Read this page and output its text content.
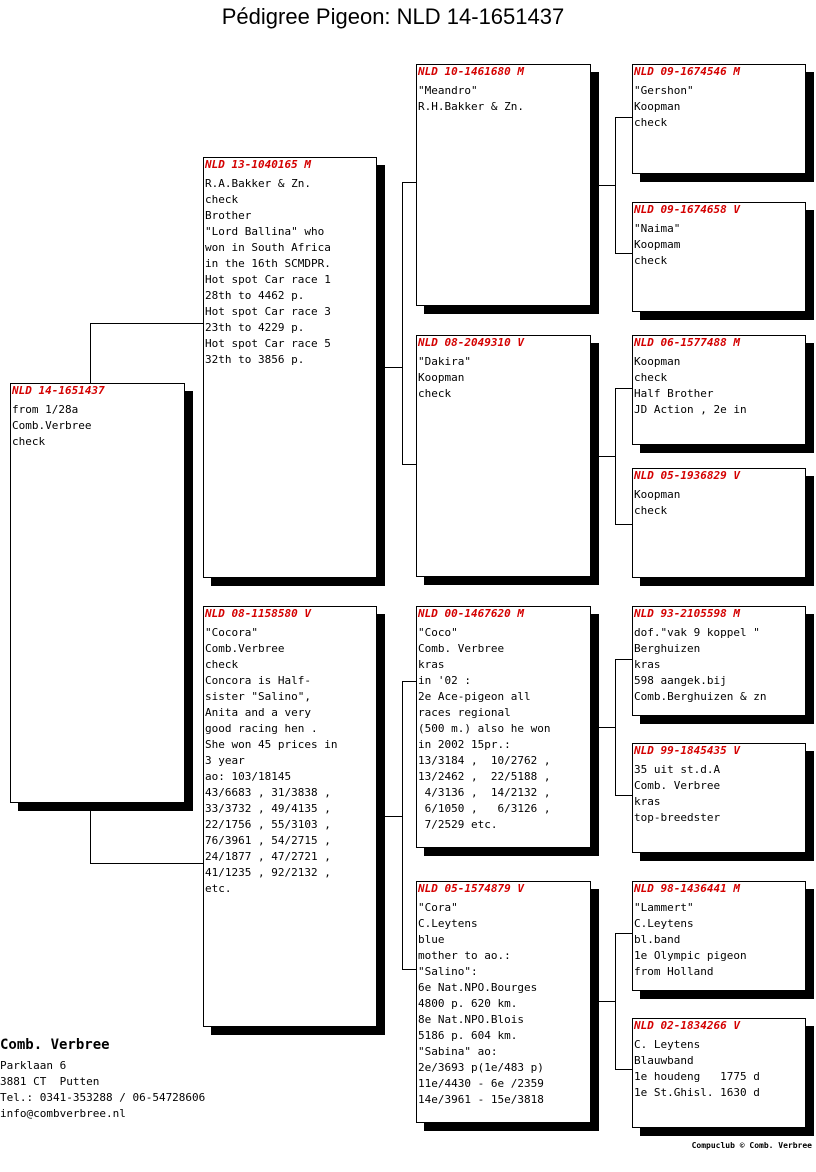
Pédigree Pigeon: NLD 14-1651437
NLD 14-1651437
from 1/28a
Comb.Verbree
check
NLD 13-1040165 M
R.A.Bakker & Zn.
check
Brother
"Lord Ballina" who
won in South Africa
in the 16th SCMDPR.
Hot spot Car race 1
28th to 4462 p.
Hot spot Car race 3
23th to 4229 p.
Hot spot Car race 5
32th to 3856 p.
NLD 08-1158580 V
"Cocora"
Comb.Verbree
check
Concora is Half-
sister "Salino",
Anita and a very
good racing hen .
She won 45 prices in
3 year
ao: 103/18145
43/6683 , 31/3838 ,
33/3732 , 49/4135 ,
22/1756 , 55/3103 ,
76/3961 , 54/2715 ,
24/1877 , 47/2721 ,
41/1235 , 92/2132 ,
etc.
NLD 10-1461680 M
"Meandro"
R.H.Bakker & Zn.
NLD 08-2049310 V
"Dakira"
Koopman
check
NLD 00-1467620 M
"Coco"
Comb. Verbree
kras
in '02 :
2e Ace-pigeon all
races regional
(500 m.) also he won
in 2002 15pr.:
13/3184 ,  10/2762 ,
13/2462 ,  22/5188 ,
4/3136 ,  14/2132 ,
6/1050 ,   6/3126 ,
7/2529 etc.
NLD 05-1574879 V
"Cora"
C.Leytens
blue
mother to ao.:
"Salino":
6e Nat.NPO.Bourges
4800 p. 620 km.
8e Nat.NPO.Blois
5186 p. 604 km.
"Sabina" ao:
2e/3693 p(1e/483 p)
11e/4430 - 6e /2359
14e/3961 - 15e/3818
NLD 09-1674546 M
"Gershon"
Koopman
check
NLD 09-1674658 V
"Naima"
Koopmam
check
NLD 06-1577488 M
Koopman
check
Half Brother
JD Action , 2e in
NLD 05-1936829 V
Koopman
check
NLD 93-2105598 M
dof."vak 9 koppel "
Berghuizen
kras
598 aangek.bij
Comb.Berghuizen & zn
NLD 99-1845435 V
35 uit st.d.A
Comb. Verbree
kras
top-breedster
NLD 98-1436441 M
"Lammert"
C.Leytens
bl.band
1e Olympic pigeon
from Holland
NLD 02-1834266 V
C. Leytens
Blauwband
1e houdeng   1775 d
1e St.Ghisl. 1630 d
Comb. Verbree
Parklaan 6
3881 CT  Putten
Tel.: 0341-353288 / 06-54728606
info@combverbree.nl
Compuclub © Comb. Verbree
